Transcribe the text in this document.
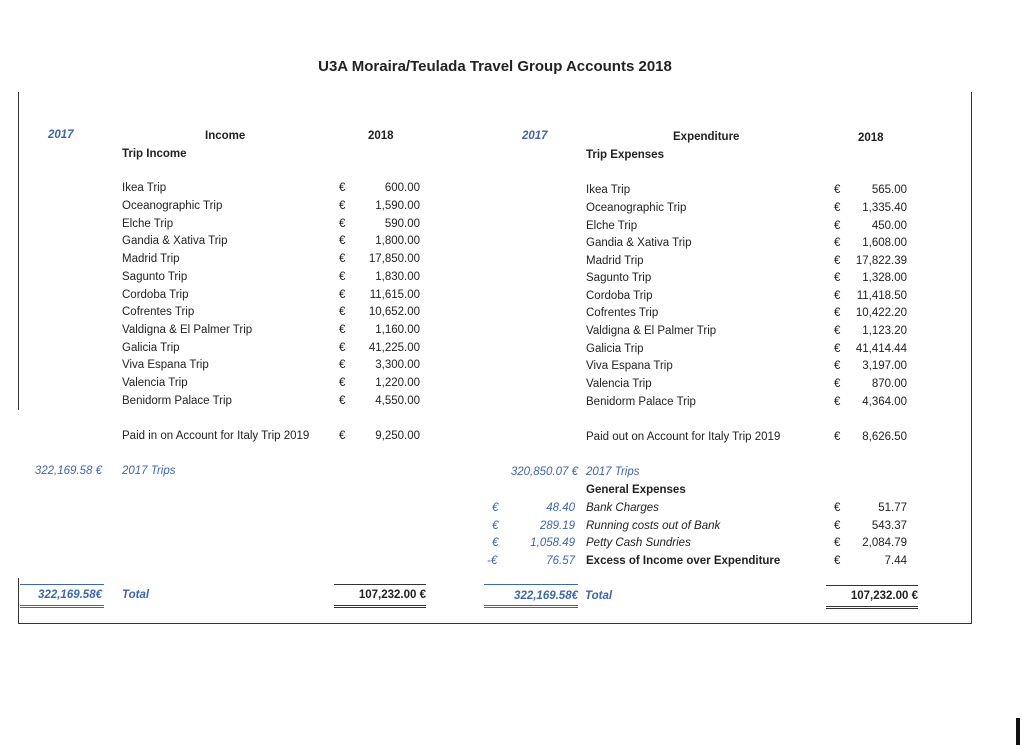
U3A Moraira/Teulada Travel Group Accounts 2018
2017	Income	2018
Trip Income
2017	Expenditure	2018
Trip Expenses
Ikea Trip	€	600.00
Oceanographic Trip	€	1,590.00
Elche Trip	€	590.00
Gandia & Xativa Trip	€	1,800.00
Madrid Trip	€	17,850.00
Sagunto Trip	€	1,830.00
Cordoba Trip	€	11,615.00
Cofrentes Trip	€	10,652.00
Valdigna & El Palmer Trip	€	1,160.00
Galicia Trip	€	41,225.00
Viva Espana Trip	€	3,300.00
Valencia Trip	€	1,220.00
Benidorm Palace Trip	€	4,550.00
Paid in on Account for Italy Trip 2019	€	9,250.00
322,169.58 € 2017 Trips
Ikea Trip	€	565.00
Oceanographic Trip	€	1,335.40
Elche Trip	€	450.00
Gandia & Xativa Trip	€	1,608.00
Madrid Trip	€	17,822.39
Sagunto Trip	€	1,328.00
Cordoba Trip	€	11,418.50
Cofrentes Trip	€	10,422.20
Valdigna & El Palmer Trip	€	1,123.20
Galicia Trip	€	41,414.44
Viva Espana Trip	€	3,197.00
Valencia Trip	€	870.00
Benidorm Palace Trip	€	4,364.00
Paid out on Account for Italy Trip 2019	€	8,626.50
320,850.07 € 2017 Trips
General Expenses
€	48.40 Bank Charges	€	51.77
€	289.19 Running costs out of Bank	€	543.37
€	1,058.49 Petty Cash Sundries	€	2,084.79
-€	76.57 Excess of Income over Expenditure	€	7.44
322,169.58€ Total	107,232.00 €	322,169.58€ Total	107,232.00 €
